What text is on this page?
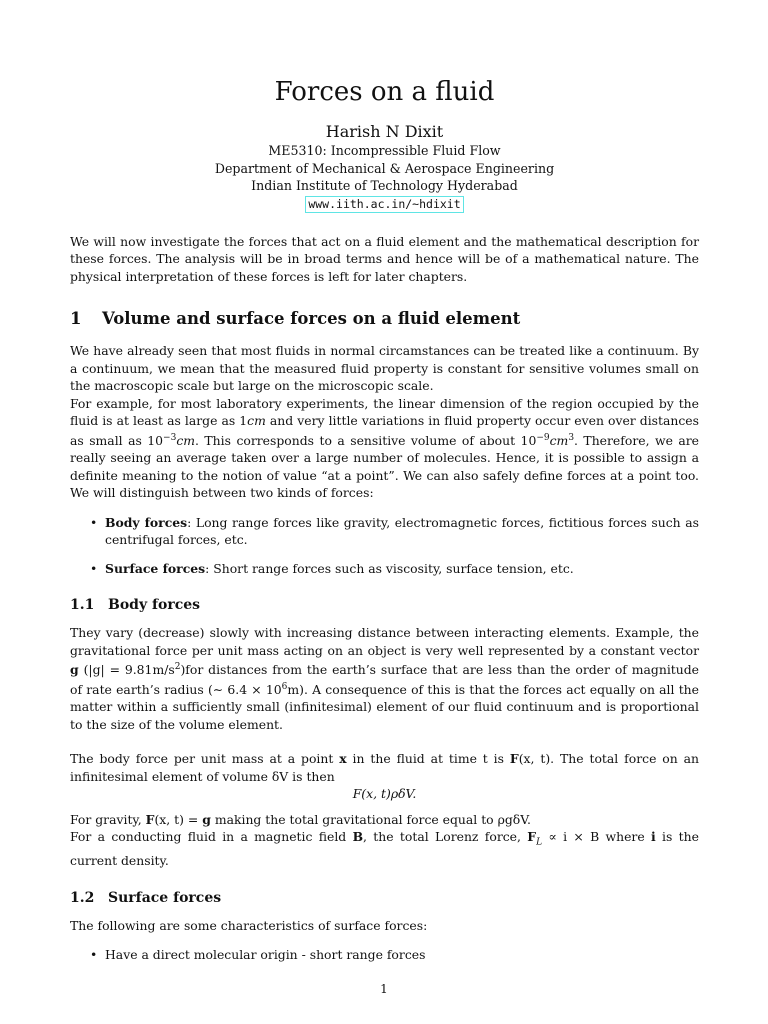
Forces on a fluid
Harish N Dixit
ME5310: Incompressible Fluid Flow
Department of Mechanical & Aerospace Engineering
Indian Institute of Technology Hyderabad
www.iith.ac.in/~hdixit

We will now investigate the forces that act on a fluid element and the mathematical description for these forces. The analysis will be in broad terms and hence will be of a mathematical nature. The physical interpretation of these forces is left for later chapters.

1 Volume and surface forces on a fluid element

We have already seen that most fluids in normal circamstances can be treated like a continuum. By a continuum, we mean that the measured fluid property is constant for sensitive volumes small on the macroscopic scale but large on the microscopic scale.

For example, for most laboratory experiments, the linear dimension of the region occupied by the fluid is at least as large as 1cm and very little variations in fluid property occur even over distances as small as $10^{-3}cm$. This corresponds to a sensitive volume of about $10^{-9}cm^3$. Therefore, we are really seeing an average taken over a large number of molecules. Hence, it is possible to assign a definite meaning to the notion of value “at a point”. We can also safely define forces at a point too. We will distinguish between two kinds of forces:

• Body forces: Long range forces like gravity, electromagnetic forces, fictitious forces such as centrifugal forces, etc.
• Surface forces: Short range forces such as viscosity, surface tension, etc.
1.1 Body forces

They vary (decrease) slowly with increasing distance between interacting elements. Example, the gravitational force per unit mass acting on an object is very well represented by a constant vector g $(|g| = 9.81m/s^2)for$ distances from the earth’s surface that are less than the order of magnitude of rate earth’s radius (∼ $6.4 \times 10^6m$). A consequence of this is that the forces act equally on all the matter within a sufficiently small (infinitesimal) element of our fluid continuum and is proportional to the size of the volume element.

The body force per unit mass at a point x in the fluid at time t is F(x, t). The total force on an infinitesimal element of volume δV is then

F(x, t)ρδV.

For gravity, F(x, t) = g making the total gravitational force equal to ρgδV.

For a conducting fluid in a magnetic field B, the total Lorenz force, $F_L \propto i \times B$ where i is the current density.

1.2 Surface forces

The following are some characteristics of surface forces:

• Have a direct molecular origin - short range forces
1
